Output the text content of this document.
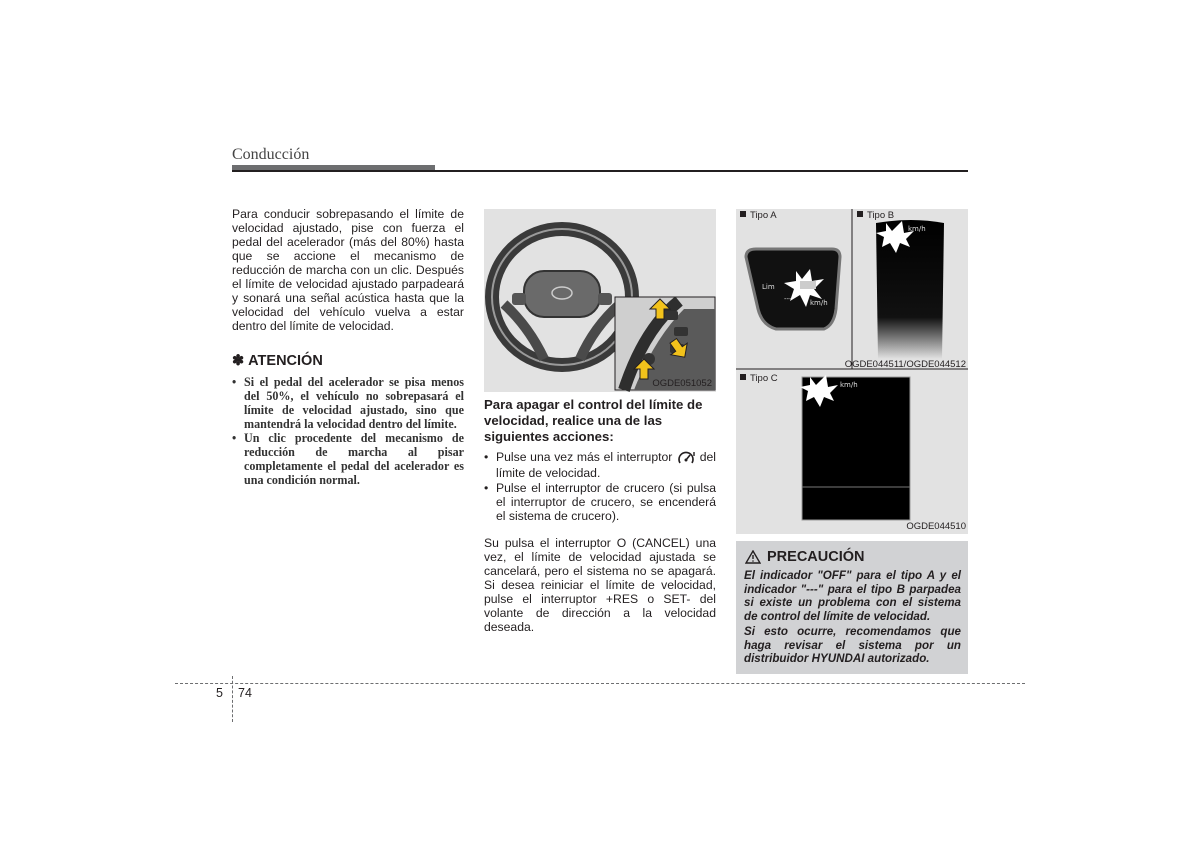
Conducción

Para conducir sobrepasando el límite de velocidad ajustado, pise con fuerza el pedal del acelerador (más del 80%) hasta que se accione el mecanismo de reducción de marcha con un clic. Después el límite de velocidad ajustado parpadeará y sonará una señal acústica hasta que la velocidad del vehículo vuelva a estar dentro del límite de velocidad.

✽ ATENCIÓN
• Si el pedal del acelerador se pisa menos del 50%, el vehículo no sobrepasará el límite de velocidad ajustado, sino que mantendrá la velocidad dentro del límite.
• Un clic procedente del mecanismo de reducción de marcha al pisar completamente el pedal del acelerador es una condición normal.
OGDE051052

Para apagar el control del límite de velocidad, realice una de las siguientes acciones:

• Pulse una vez más el interruptor  del límite de velocidad.
• Pulse el interruptor de crucero (si pulsa el interruptor de crucero, se encenderá el sistema de crucero).

Su pulsa el interruptor O (CANCEL) una vez, el límite de velocidad ajustada se cancelará, pero el sistema no se apagará. Si desea reiniciar el límite de velocidad, pulse el interruptor +RES o SET- del volante de dirección a la velocidad deseada.

Lim
---	km/h
km/h
km/h
Tipo A	Tipo B
OGDE044511/OGDE044512
Tipo C
OGDE044510
PRECAUCIÓN

El indicador "OFF" para el tipo A y el indicador "---" para el tipo B parpadea si existe un problema con el sistema de control del límite de velocidad.

Si esto ocurre, recomendamos que haga revisar el sistema por un distribuidor HYUNDAI autorizado.

5 74
